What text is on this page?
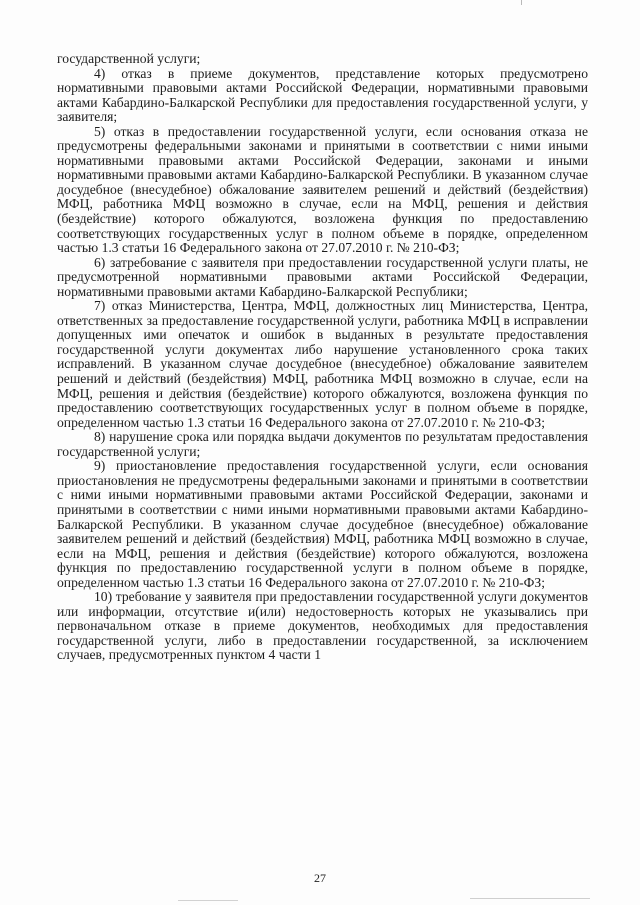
государственной услуги;

4) отказ в приеме документов, представление которых предусмотрено нормативными правовыми актами Российской Федерации, нормативными правовыми актами Кабардино-Балкарской Республики для предоставления государственной услуги, у заявителя;

5) отказ в предоставлении государственной услуги, если основания отказа не предусмотрены федеральными законами и принятыми в соответствии с ними иными нормативными правовыми актами Российской Федерации, законами и иными нормативными правовыми актами Кабардино-Балкарской Республики. В указанном случае досудебное (внесудебное) обжалование заявителем решений и действий (бездействия) МФЦ, работника МФЦ возможно в случае, если на МФЦ, решения и действия (бездействие) которого обжалуются, возложена функция по предоставлению соответствующих государственных услуг в полном объеме в порядке, определенном частью 1.3 статьи 16 Федерального закона от 27.07.2010 г. № 210-ФЗ;

6) затребование с заявителя при предоставлении государственной услуги платы, не предусмотренной нормативными правовыми актами Российской Федерации, нормативными правовыми актами Кабардино-Балкарской Республики;

7) отказ Министерства, Центра, МФЦ, должностных лиц Министерства, Центра, ответственных за предоставление государственной услуги, работника МФЦ в исправлении допущенных ими опечаток и ошибок в выданных в результате предоставления государственной услуги документах либо нарушение установленного срока таких исправлений. В указанном случае досудебное (внесудебное) обжалование заявителем решений и действий (бездействия) МФЦ, работника МФЦ возможно в случае, если на МФЦ, решения и действия (бездействие) которого обжалуются, возложена функция по предоставлению соответствующих государственных услуг в полном объеме в порядке, определенном частью 1.3 статьи 16 Федерального закона от 27.07.2010 г. № 210-ФЗ;

8) нарушение срока или порядка выдачи документов по результатам предоставления государственной услуги;

9) приостановление предоставления государственной услуги, если основания приостановления не предусмотрены федеральными законами и принятыми в соответствии с ними иными нормативными правовыми актами Российской Федерации, законами и принятыми в соответствии с ними иными нормативными правовыми актами Кабардино-Балкарской Республики. В указанном случае досудебное (внесудебное) обжалование заявителем решений и действий (бездействия) МФЦ, работника МФЦ возможно в случае, если на МФЦ, решения и действия (бездействие) которого обжалуются, возложена функция по предоставлению государственной услуги в полном объеме в порядке, определенном частью 1.3 статьи 16 Федерального закона от 27.07.2010 г. № 210-ФЗ;

10) требование у заявителя при предоставлении государственной услуги документов или информации, отсутствие и(или) недостоверность которых не указывались при первоначальном отказе в приеме документов, необходимых для предоставления государственной услуги, либо в предоставлении государственной, за исключением случаев, предусмотренных пунктом 4 части 1

27
